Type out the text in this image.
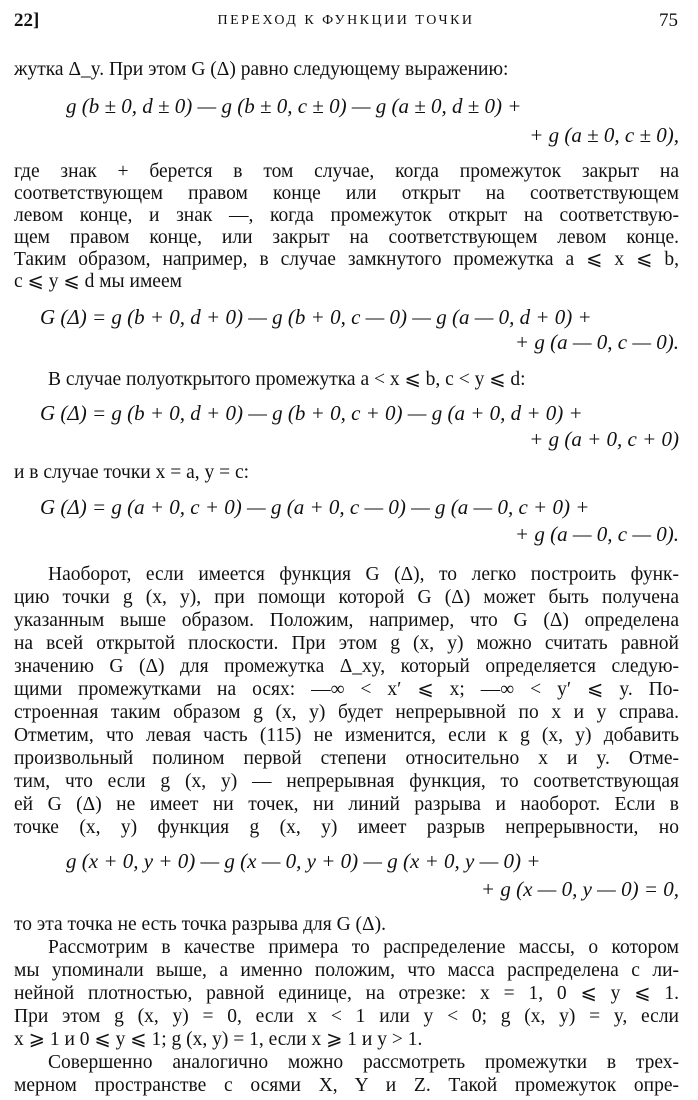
22]	ПЕРЕХОД К ФУНКЦИИ ТОЧКИ	75
жутка Δ_y. При этом G (Δ) равно следующему выражению:
g (b ± 0, d ± 0) — g (b ± 0, c ± 0) — g (a ± 0, d ± 0) +
+ g (a ± 0, c ± 0),
где знак + берется в том случае, когда промежуток закрыт на
соответствующем правом конце или открыт на соответствующем
левом конце, и знак —, когда промежуток открыт на соответствую-
щем правом конце, или закрыт на соответствующем левом конце.
Таким образом, например, в случае замкнутого промежутка a ⩽ x ⩽ b,
c ⩽ y ⩽ d мы имеем
G (Δ) = g (b + 0, d + 0) — g (b + 0, c — 0) — g (a — 0, d + 0) +
+ g (a — 0, c — 0).
В случае полуоткрытого промежутка a < x ⩽ b, c < y ⩽ d:
G (Δ) = g (b + 0, d + 0) — g (b + 0, c + 0) — g (a + 0, d + 0) +
+ g (a + 0, c + 0)
и в случае точки x = a, y = c:
G (Δ) = g (a + 0, c + 0) — g (a + 0, c — 0) — g (a — 0, c + 0) +
+ g (a — 0, c — 0).
Наоборот, если имеется функция G (Δ), то легко построить функ-
цию точки g (x, y), при помощи которой G (Δ) может быть получена
указанным выше образом. Положим, например, что G (Δ) определена
на всей открытой плоскости. При этом g (x, y) можно считать равной
значению G (Δ) для промежутка Δ_xy, который определяется следую-
щими промежутками на осях: —∞ < x′ ⩽ x; —∞ < y′ ⩽ y. По-
строенная таким образом g (x, y) будет непрерывной по x и y справа.
Отметим, что левая часть (115) не изменится, если к g (x, y) добавить
произвольный полином первой степени относительно x и y. Отме-
тим, что если g (x, y) — непрерывная функция, то соответствующая
ей G (Δ) не имеет ни точек, ни линий разрыва и наоборот. Если в
точке (x, y) функция g (x, y) имеет разрыв непрерывности, но
g (x + 0, y + 0) — g (x — 0, y + 0) — g (x + 0, y — 0) +
+ g (x — 0, y — 0) = 0,
то эта точка не есть точка разрыва для G (Δ).
Рассмотрим в качестве примера то распределение массы, о котором
мы упоминали выше, а именно положим, что масса распределена с ли-
нейной плотностью, равной единице, на отрезке: x = 1, 0 ⩽ y ⩽ 1.
При этом g (x, y) = 0, если x < 1 или y < 0; g (x, y) = y, если
x ⩾ 1 и 0 ⩽ y ⩽ 1; g (x, y) = 1, если x ⩾ 1 и y > 1.
Совершенно аналогично можно рассмотреть промежутки в трех-
мерном пространстве с осями X, Y и Z. Такой промежуток опре-
